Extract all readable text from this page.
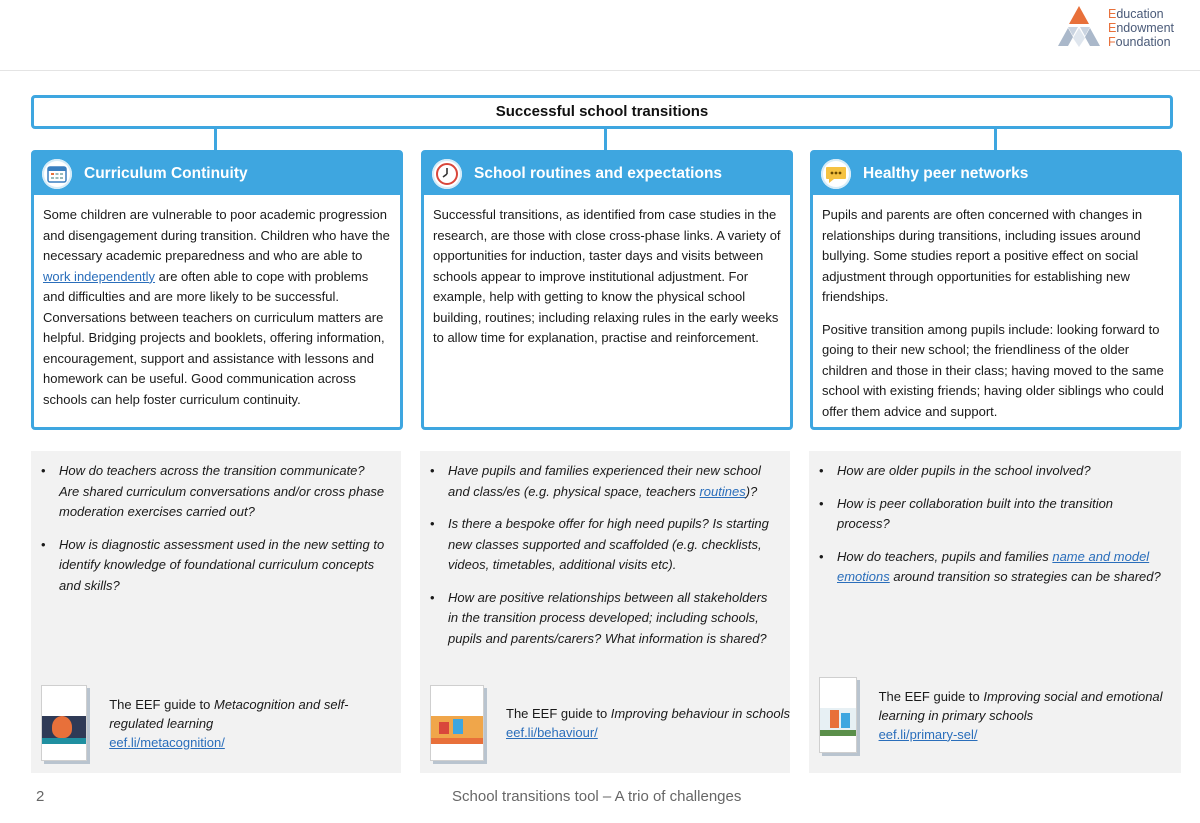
Education
Endowment
Foundation
Successful school transitions
Curriculum Continuity

Some children are vulnerable to poor academic progression and disengagement during transition. Children who have the necessary academic preparedness and who are able to work independently are often able to cope with problems and difficulties and are more likely to be successful. Conversations between teachers on curriculum matters are helpful. Bridging projects and booklets, offering information, encouragement, support and assistance with lessons and homework can be useful. Good communication across schools can help foster curriculum continuity.

School routines and expectations

Successful transitions, as identified from case studies in the research, are those with close cross-phase links. A variety of opportunities for induction, taster days and visits between schools appear to improve institutional adjustment. For example, help with getting to know the physical school building, routines; including relaxing rules in the early weeks to allow time for explanation, practise and reinforcement.

Healthy peer networks

Pupils and parents are often concerned with changes in relationships during transitions, including issues around bullying. Some studies report a positive effect on social adjustment through opportunities for establishing new friendships.

Positive transition among pupils include: looking forward to going to their new school; the friendliness of the older children and those in their class; having moved to the same school with existing friends; having older siblings who could offer them advice and support.

• How do teachers across the transition communicate? Are shared curriculum conversations and/or cross phase moderation exercises carried out?
• How is diagnostic assessment used in the new setting to identify knowledge of foundational curriculum concepts and skills?
The EEF guide to Metacognition and self-regulated learning
eef.li/metacognition/
• Have pupils and families experienced their new school and class/es (e.g. physical space, teachers routines)?
• Is there a bespoke offer for high need pupils? Is starting new classes supported and scaffolded (e.g. checklists, videos, timetables, additional visits etc).
• How are positive relationships between all stakeholders in the transition process developed; including schools, pupils and parents/carers? What information is shared?
The EEF guide to Improving behaviour in schools
eef.li/behaviour/
• How are older pupils in the school involved?
• How is peer collaboration built into the transition process?
• How do teachers, pupils and families name and model emotions around transition so strategies can be shared?
The EEF guide to Improving social and emotional learning in primary schools
eef.li/primary-sel/
2	School transitions tool – A trio of challenges
